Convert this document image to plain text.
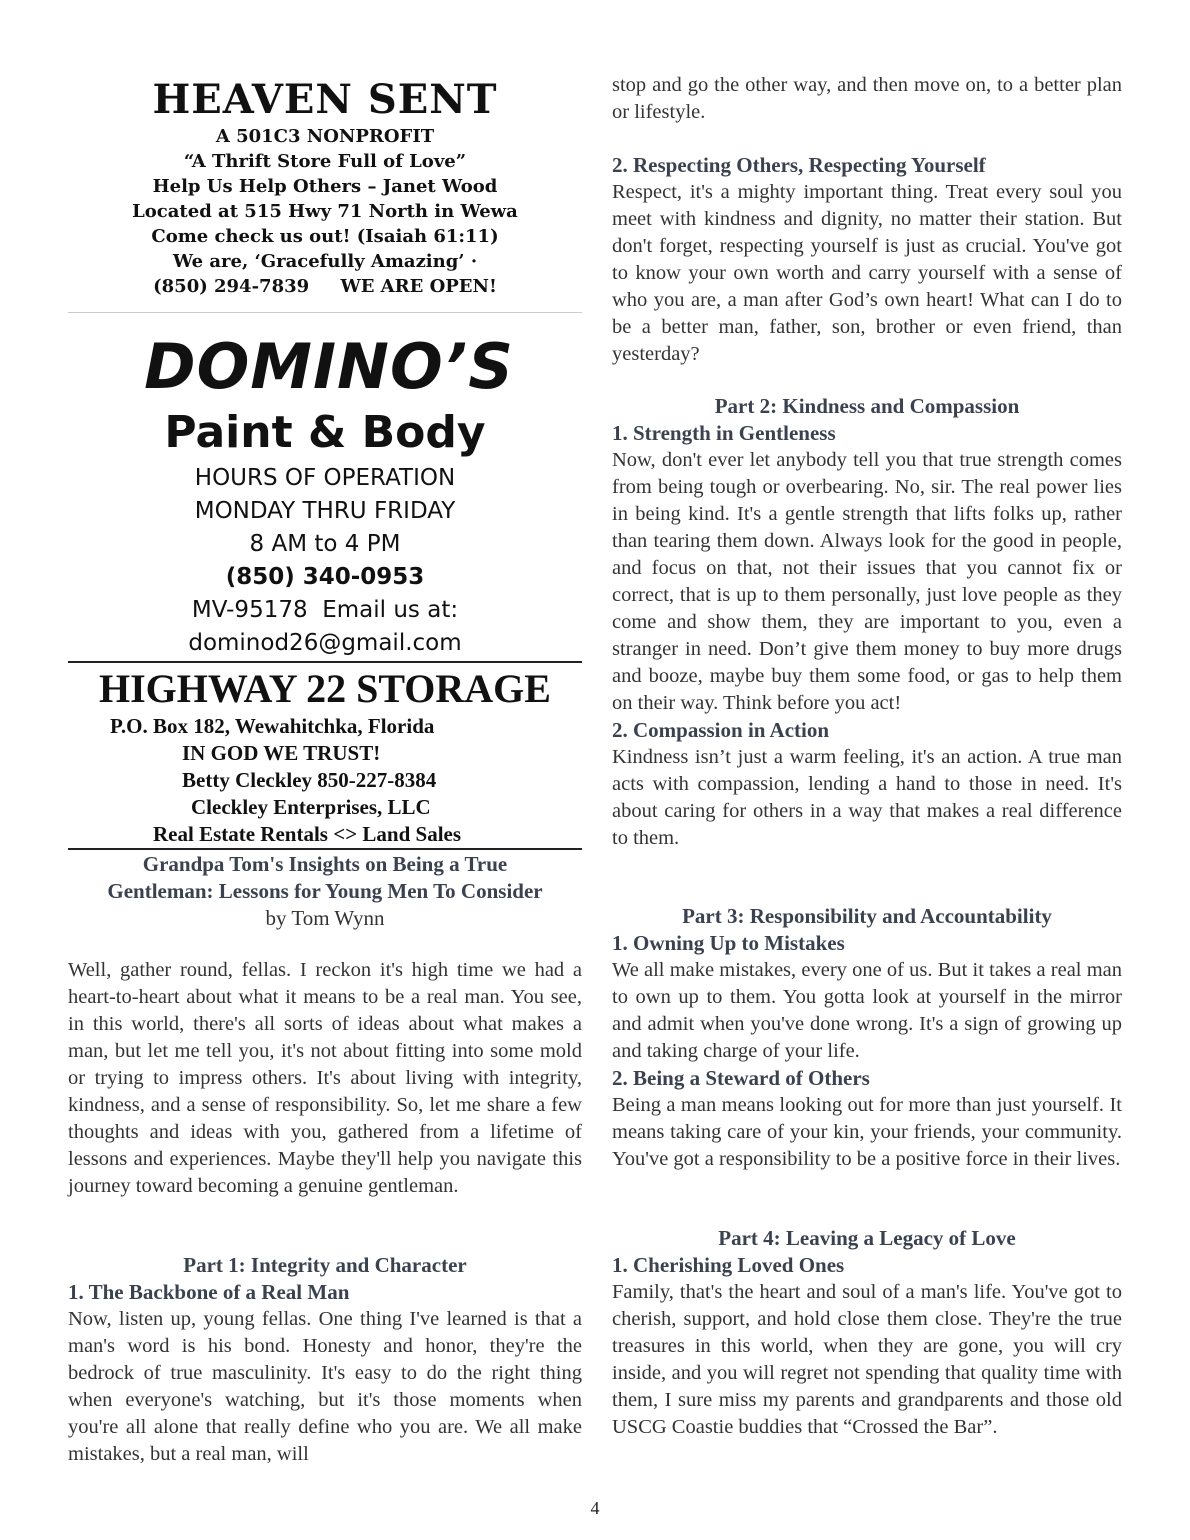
HEAVEN SENT
A 501C3 NONPROFIT
“A Thrift Store Full of Love”
Help Us Help Others – Janet Wood
Located at 515 Hwy 71 North in Wewa
Come check us out! (Isaiah 61:11)
We are, ‘Gracefully Amazing’ ·
(850) 294-7839     WE ARE OPEN!
DOMINO’S
Paint & Body
HOURS OF OPERATION
MONDAY THRU FRIDAY
8 AM to 4 PM
(850) 340-0953
MV-95178  Email us at:
dominod26@gmail.com
HIGHWAY 22 STORAGE
P.O. Box 182, Wewahitchka, Florida
IN GOD WE TRUST!
Betty Cleckley 850-227-8384
Cleckley Enterprises, LLC
Real Estate Rentals <> Land Sales
Grandpa Tom's Insights on Being a True
Gentleman: Lessons for Young Men To Consider
by Tom Wynn

Well, gather round, fellas. I reckon it's high time we had a heart-to-heart about what it means to be a real man. You see, in this world, there's all sorts of ideas about what makes a man, but let me tell you, it's not about fitting into some mold or trying to impress others. It's about living with integrity, kindness, and a sense of responsibility. So, let me share a few thoughts and ideas with you, gathered from a lifetime of lessons and experiences. Maybe they'll help you navigate this journey toward becoming a genuine gentleman.

Part 1: Integrity and Character
1. The Backbone of a Real Man

Now, listen up, young fellas. One thing I've learned is that a man's word is his bond. Honesty and honor, they're the bedrock of true masculinity. It's easy to do the right thing when everyone's watching, but it's those moments when you're all alone that really define who you are. We all make mistakes, but a real man, will

stop and go the other way, and then move on, to a better plan or lifestyle.

2. Respecting Others, Respecting Yourself

Respect, it's a mighty important thing. Treat every soul you meet with kindness and dignity, no matter their station. But don't forget, respecting yourself is just as crucial. You've got to know your own worth and carry yourself with a sense of who you are, a man after God’s own heart! What can I do to be a better man, father, son, brother or even friend, than yesterday?

Part 2: Kindness and Compassion
1. Strength in Gentleness

Now, don't ever let anybody tell you that true strength comes from being tough or overbearing. No, sir. The real power lies in being kind. It's a gentle strength that lifts folks up, rather than tearing them down. Always look for the good in people, and focus on that, not their issues that you cannot fix or correct, that is up to them personally, just love people as they come and show them, they are important to you, even a stranger in need. Don’t give them money to buy more drugs and booze, maybe buy them some food, or gas to help them on their way. Think before you act!

2. Compassion in Action

Kindness isn’t just a warm feeling, it's an action. A true man acts with compassion, lending a hand to those in need. It's about caring for others in a way that makes a real difference to them.

Part 3: Responsibility and Accountability
1. Owning Up to Mistakes

We all make mistakes, every one of us. But it takes a real man to own up to them. You gotta look at yourself in the mirror and admit when you've done wrong. It's a sign of growing up and taking charge of your life.

2. Being a Steward of Others

Being a man means looking out for more than just yourself. It means taking care of your kin, your friends, your community. You've got a responsibility to be a positive force in their lives.

Part 4: Leaving a Legacy of Love
1. Cherishing Loved Ones

Family, that's the heart and soul of a man's life. You've got to cherish, support, and hold close them close. They're the true treasures in this world, when they are gone, you will cry inside, and you will regret not spending that quality time with them, I sure miss my parents and grandparents and those old USCG Coastie buddies that “Crossed the Bar”.

4
